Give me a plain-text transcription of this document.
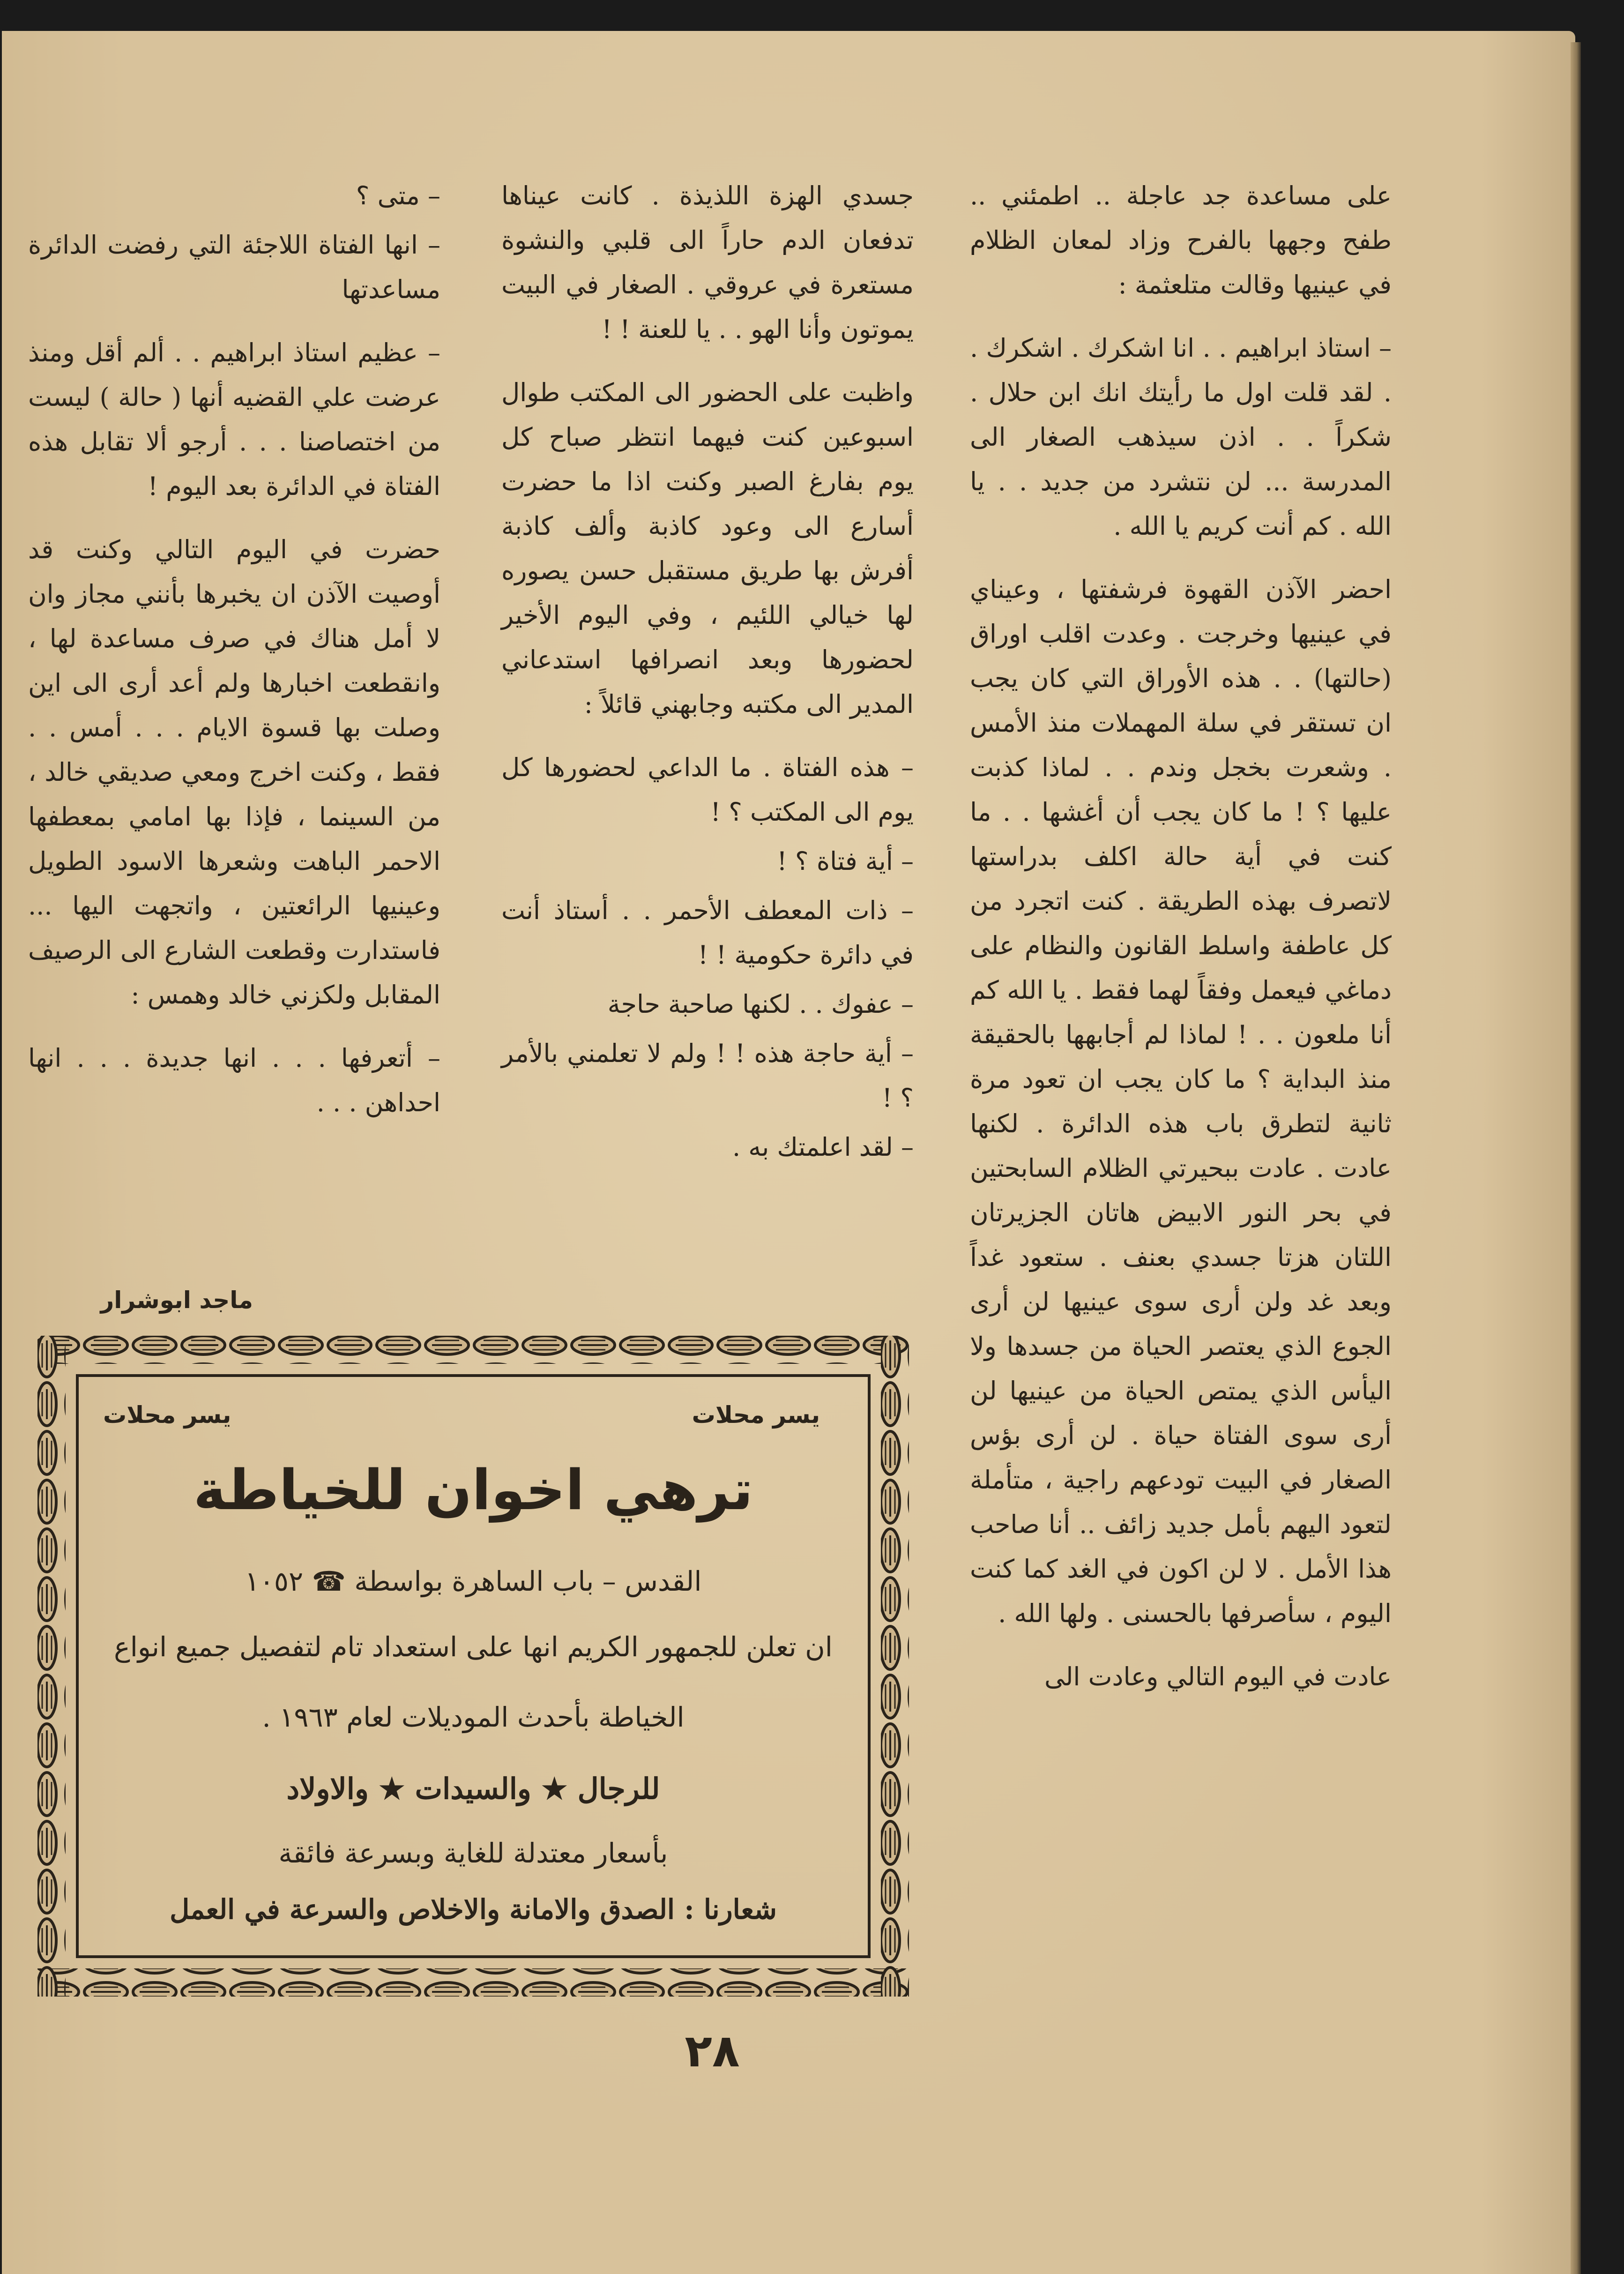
على مساعدة جد عاجلة .. اطمئني .. طفح وجهها بالفرح وزاد لمعان الظلام في عينيها وقالت متلعثمة :

– استاذ ابراهيم . . انا اشكرك . اشكرك . . لقد قلت اول ما رأيتك انك ابن حلال . شكراً . . اذن سيذهب الصغار الى المدرسة ... لن نتشرد من جديد . . يا الله . كم أنت كريم يا الله .

احضر الآذن القهوة فرشفتها ، وعيناي في عينيها وخرجت . وعدت اقلب اوراق (حالتها) . . هذه الأوراق التي كان يجب ان تستقر في سلة المهملات منذ الأمس . وشعرت بخجل وندم . . لماذا كذبت عليها ؟ ! ما كان يجب أن أغشها . . ما كنت في أية حالة اكلف بدراستها لاتصرف بهذه الطريقة . كنت اتجرد من كل عاطفة واسلط القانون والنظام على دماغي فيعمل وفقاً لهما فقط . يا الله كم أنا ملعون . . ! لماذا لم أجابهها بالحقيقة منذ البداية ؟ ما كان يجب ان تعود مرة ثانية لتطرق باب هذه الدائرة . لكنها عادت . عادت ببحيرتي الظلام السابحتين في بحر النور الابيض هاتان الجزيرتان اللتان هزتا جسدي بعنف . ستعود غداً وبعد غد ولن أرى سوى عينيها لن أرى الجوع الذي يعتصر الحياة من جسدها ولا اليأس الذي يمتص الحياة من عينيها لن أرى سوى الفتاة حياة . لن أرى بؤس الصغار في البيت تودعهم راجية ، متأملة لتعود اليهم بأمل جديد زائف .. أنا صاحب هذا الأمل . لا لن اكون في الغد كما كنت اليوم ، سأصرفها بالحسنى . ولها الله .

عادت في اليوم التالي وعادت الى

جسدي الهزة اللذيذة . كانت عيناها تدفعان الدم حاراً الى قلبي والنشوة مستعرة في عروقي . الصغار في البيت يموتون وأنا الهو . . يا للعنة ! !

واظبت على الحضور الى المكتب طوال اسبوعين كنت فيهما انتظر صباح كل يوم بفارغ الصبر وكنت اذا ما حضرت أسارع الى وعود كاذبة وألف كاذبة أفرش بها طريق مستقبل حسن يصوره لها خيالي اللئيم ، وفي اليوم الأخير لحضورها وبعد انصرافها استدعاني المدير الى مكتبه وجابهني قائلاً :

– هذه الفتاة . ما الداعي لحضورها كل يوم الى المكتب ؟ !

– أية فتاة ؟ !

– ذات المعطف الأحمر . . أستاذ أنت في دائرة حكومية ! !

– عفوك . . لكنها صاحبة حاجة

– أية حاجة هذه ! ! ولم لا تعلمني بالأمر ؟ !

– لقد اعلمتك به .

– متى ؟

– انها الفتاة اللاجئة التي رفضت الدائرة مساعدتها

– عظيم استاذ ابراهيم . . ألم أقل ومنذ عرضت علي القضيه أنها ( حالة ) ليست من اختصاصنا . . . أرجو ألا تقابل هذه الفتاة في الدائرة بعد اليوم !

حضرت في اليوم التالي وكنت قد أوصيت الآذن ان يخبرها بأنني مجاز وان لا أمل هناك في صرف مساعدة لها ، وانقطعت اخبارها ولم أعد أرى الى اين وصلت بها قسوة الايام . . . أمس . . فقط ، وكنت اخرج ومعي صديقي خالد ، من السينما ، فإذا بها امامي بمعطفها الاحمر الباهت وشعرها الاسود الطويل وعينيها الرائعتين ، واتجهت اليها ... فاستدارت وقطعت الشارع الى الرصيف المقابل ولكزني خالد وهمس :

– أتعرفها . . . انها جديدة . . . انها احداهن . . .

ماجد ابوشرار
يسر محلات
يسر محلات
ترهي اخوان للخياطة
القدس – باب الساهرة بواسطة ☎ ١٠٥٢
ان تعلن للجمهور الكريم انها على استعداد تام لتفصيل جميع انواع
الخياطة بأحدث الموديلات لعام ١٩٦٣ .
للرجال ★ والسيدات ★ والاولاد
بأسعار معتدلة للغاية وبسرعة فائقة
شعارنا : الصدق والامانة والاخلاص والسرعة في العمل
٢٨
